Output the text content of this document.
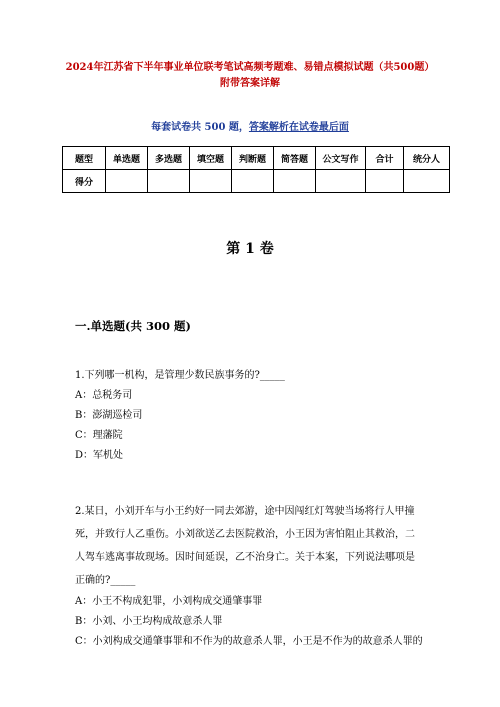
2024年江苏省下半年事业单位联考笔试高频考题难、易错点模拟试题（共500题）附带答案详解
每套试卷共 500 题，答案解析在试卷最后面
题型	单选题	多选题	填空题	判断题	简答题	公文写作	合计	统分人
得分								
第 1 卷
一.单选题(共 300 题)
1.下列哪一机构，是管理少数民族事务的?_____
A：总税务司
B：澎湖巡检司
C：理藩院
D：军机处
2.某日，小刘开车与小王约好一同去郊游，途中因闯红灯驾驶当场将行人甲撞
死，并致行人乙重伤。小刘欲送乙去医院救治，小王因为害怕阻止其救治，二
人驾车逃离事故现场。因时间延误，乙不治身亡。关于本案，下列说法哪项是
正确的?_____
A：小王不构成犯罪，小刘构成交通肇事罪
B：小刘、小王均构成故意杀人罪
C：小刘构成交通肇事罪和不作为的故意杀人罪，小王是不作为的故意杀人罪的
